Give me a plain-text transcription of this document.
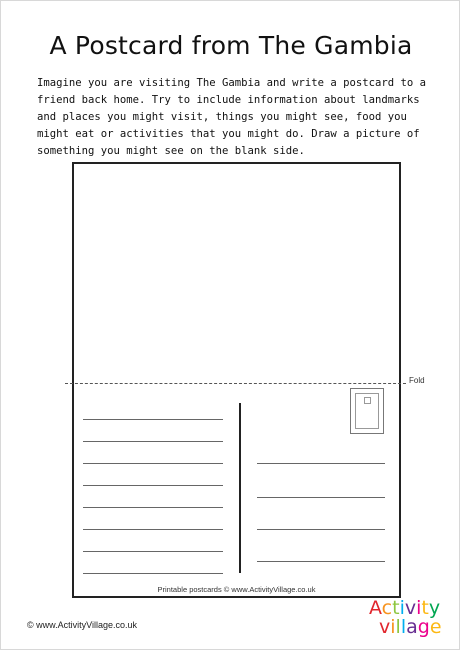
A Postcard from The Gambia
Imagine you are visiting The Gambia and write a postcard to a friend back home. Try to include information about landmarks and places you might visit, things you might see, food you might eat or activities that you might do. Draw a picture of something you might see on the blank side.
Fold
Printable postcards © www.ActivityVillage.co.uk
© www.ActivityVillage.co.uk
Activity
village
